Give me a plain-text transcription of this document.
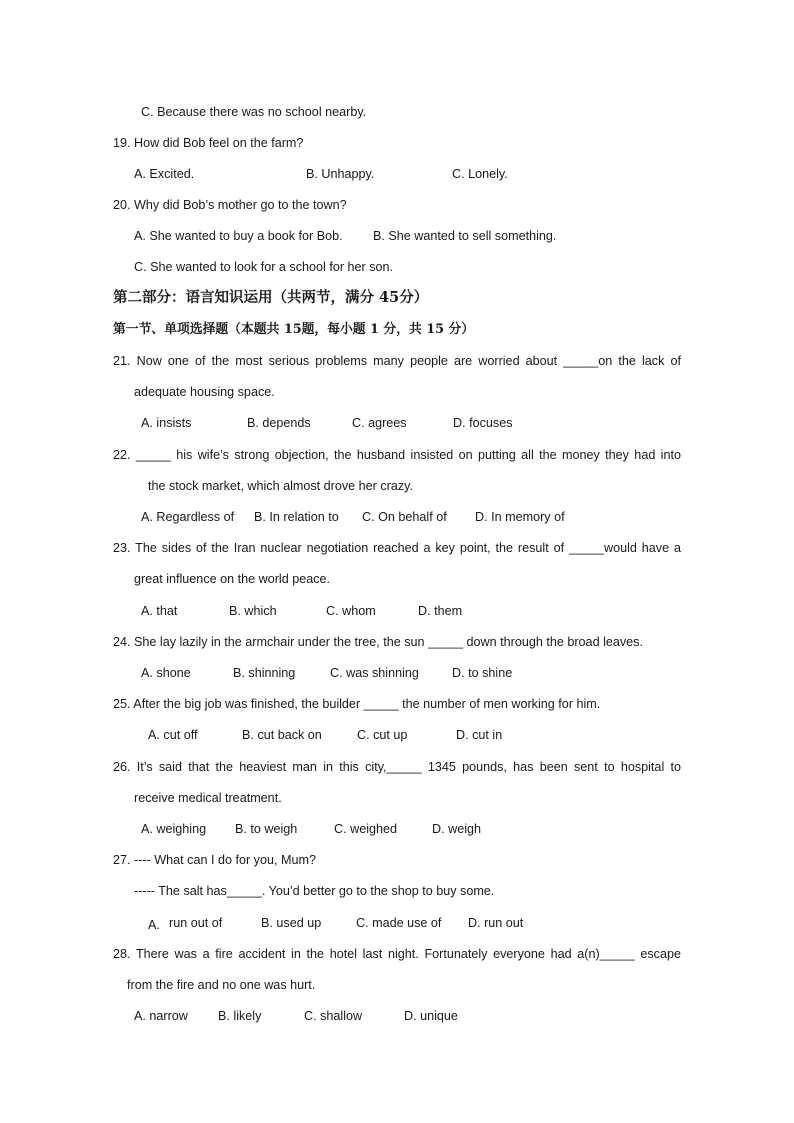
C. Because there was no school nearby.
19. How did Bob feel on the farm?
A. Excited.	B. Unhappy.	C. Lonely.
20. Why did Bob’s mother go to the town?
A. She wanted to buy a book for Bob. B. She wanted to sell something.
C. She wanted to look for a school for her son.
第二部分：语言知识运用（共两节，满分 45分）
第一节、单项选择题（本题共 15题，每小题 1 分，共 15 分）
21. Now one of the most serious problems many people are worried about _____on the lack of
adequate housing space.
A. insists	B. depends	C. agrees	D. focuses
22. _____ his wife’s strong objection, the husband insisted on putting all the money they had into
the stock market, which almost drove her crazy.
A. Regardless of B. In relation to C. On behalf of D. In memory of
23. The sides of the Iran nuclear negotiation reached a key point, the result of _____would have a
great influence on the world peace.
A. that	B. which	C. whom	D. them
24. She lay lazily in the armchair under the tree, the sun _____ down through the broad leaves.
A. shone	B. shinning	C. was shinning	D. to shine
25. After the big job was finished, the builder _____ the number of men working for him.
A. cut off	B. cut back on	C. cut up	D. cut in
26. It’s said that the heaviest man in this city,_____ 1345 pounds, has been sent to hospital to
receive medical treatment.
A. weighing B. to weigh	C. weighed	D. weigh
27. ---- What can I do for you, Mum?
----- The salt has_____. You’d better go to the shop to buy some.
A. run out of	B. used up	C. made use of D. run out
28. There was a fire accident in the hotel last night. Fortunately everyone had a(n)_____ escape
from the fire and no one was hurt.
A. narrow B. likely	C. shallow	D. unique
